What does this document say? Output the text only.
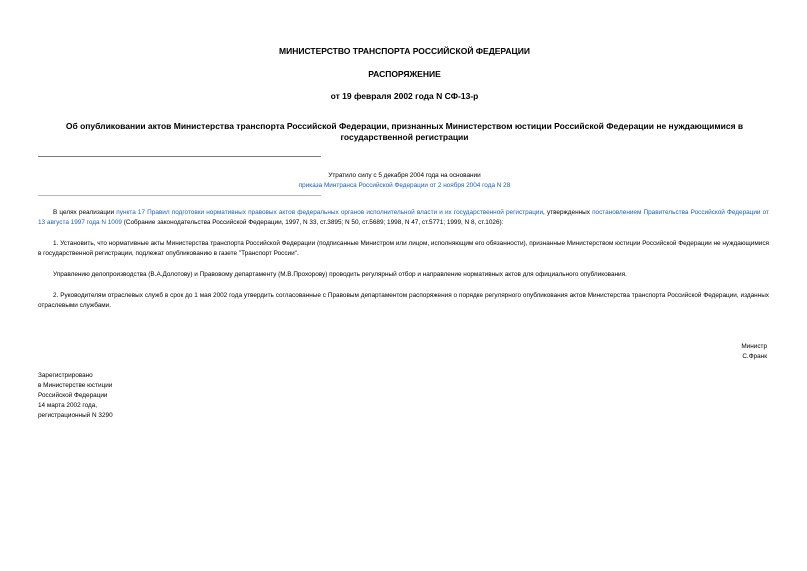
МИНИСТЕРСТВО ТРАНСПОРТА РОССИЙСКОЙ ФЕДЕРАЦИИ
РАСПОРЯЖЕНИЕ
от 19 февраля 2002 года N СФ-13-р
Об опубликовании актов Министерства транспорта Российской Федерации, признанных Министерством юстиции Российской Федерации не нуждающимися в государственной регистрации
Утратило силу с 5 декабря 2004 года на основании
приказа Минтранса Российской Федерации от 2 ноября 2004 года N 28
В целях реализации пункта 17 Правил подготовки нормативных правовых актов федеральных органов исполнительной власти и их государственной регистрации, утвержденных постановлением Правительства Российской Федерации от 13 августа 1997 года N 1009 (Собрание законодательства Российской Федерации, 1997, N 33, ст.3895; N 50, ст.5689; 1998, N 47, ст.5771; 1999, N 8, ст.1026):
1. Установить, что нормативные акты Министерства транспорта Российской Федерации (подписанные Министром или лицом, исполняющим его обязанности), признанные Министерством юстиции Российской Федерации не нуждающимися в государственной регистрации, подлежат опубликованию в газете "Транспорт России".
Управлению делопроизводства (В.А.Долотову) и Правовому департаменту (М.В.Прохорову) проводить регулярный отбор и направление нормативных актов для официального опубликования.
2. Руководителям отраслевых служб в срок до 1 мая 2002 года утвердить согласованные с Правовым департаментом распоряжения о порядке регулярного опубликования актов Министерства транспорта Российской Федерации, изданных отраслевыми службами.
Министр
С.Франк
Зарегистрировано
в Министерстве юстиции
Российской Федерации
14 марта 2002 года,
регистрационный N 3290
